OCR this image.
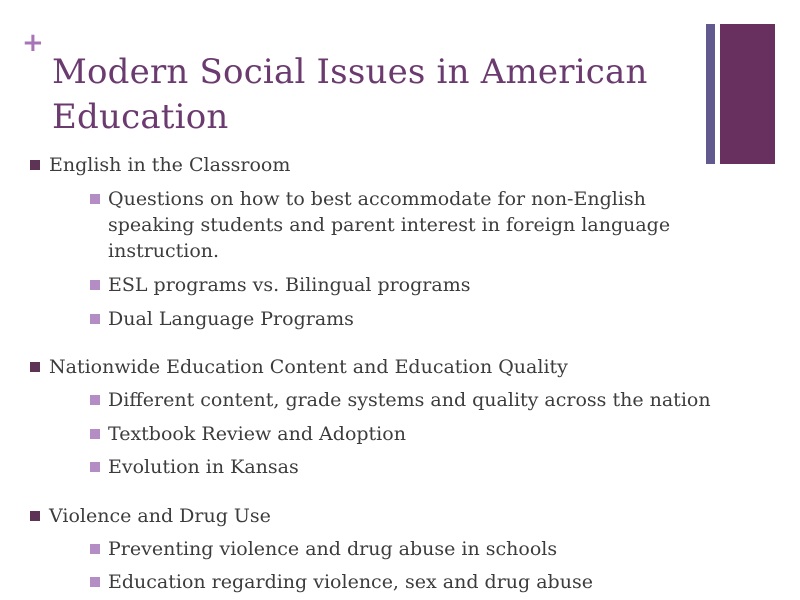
+
Modern Social Issues in American Education
English in the Classroom
Questions on how to best accommodate for non-English speaking students and parent interest in foreign language instruction.
ESL programs vs. Bilingual programs
Dual Language Programs
Nationwide Education Content and Education Quality
Different content, grade systems and quality across the nation
Textbook Review and Adoption
Evolution in Kansas
Violence and Drug Use
Preventing violence and drug abuse in schools
Education regarding violence, sex and drug abuse
